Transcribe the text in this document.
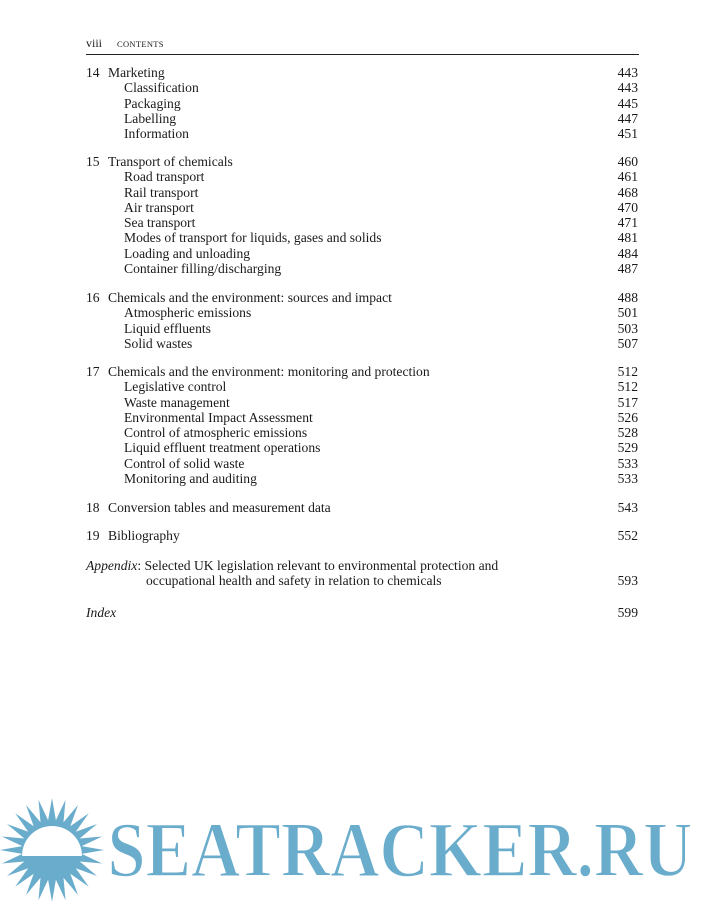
viii CONTENTS
14 Marketing	443
Classification	443
Packaging	445
Labelling	447
Information	451
15 Transport of chemicals	460
Road transport	461
Rail transport	468
Air transport	470
Sea transport	471
Modes of transport for liquids, gases and solids	481
Loading and unloading	484
Container filling/discharging	487
16 Chemicals and the environment: sources and impact	488
Atmospheric emissions	501
Liquid effluents	503
Solid wastes	507
17 Chemicals and the environment: monitoring and protection	512
Legislative control	512
Waste management	517
Environmental Impact Assessment	526
Control of atmospheric emissions	528
Liquid effluent treatment operations	529
Control of solid waste	533
Monitoring and auditing	533
18 Conversion tables and measurement data	543
19 Bibliography	552
Appendix: Selected UK legislation relevant to environmental protection and
occupational health and safety in relation to chemicals	593
Index	599
SEATRACKER.RU
